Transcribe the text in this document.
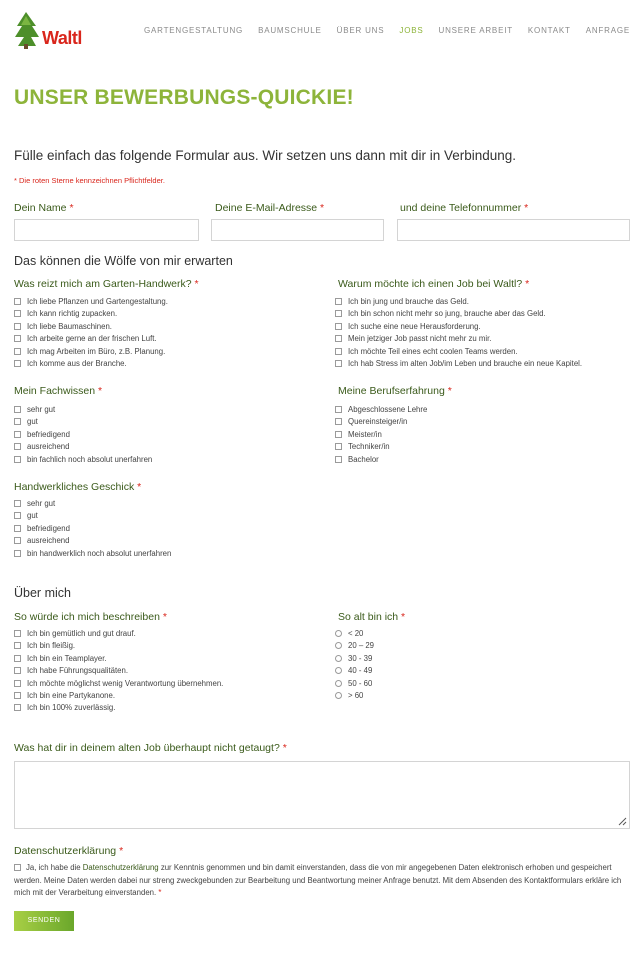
Waltl	GARTENGESTALTUNG BAUMSCHULE ÜBER UNS JOBS UNSERE ARBEIT KONTAKT ANFRAGE
UNSER BEWERBUNGS-QUICKIE!

Fülle einfach das folgende Formular aus. Wir setzen uns dann mit dir in Verbindung.

* Die roten Sterne kennzeichnen Pflichtfelder.

Dein Name *	Deine E-Mail-Adresse *	und deine Telefonnummer *
Das können die Wölfe von mir erwarten
Was reizt mich am Garten-Handwerk? *	Warum möchte ich einen Job bei Waltl? *
Mein Fachwissen *	Meine Berufserfahrung *
Handwerkliches Geschick *
Über mich
So würde ich mich beschreiben *	So alt bin ich *
Was hat dir in deinem alten Job überhaupt nicht getaugt? *
Datenschutzerklärung *
Ja, ich habe die Datenschutzerklärung zur Kenntnis genommen und bin damit einverstanden, dass die von mir angegebenen Daten elektronisch erhoben und gespeichert werden. Meine Daten werden dabei nur streng zweckgebunden zur Bearbeitung und Beantwortung meiner Anfrage benutzt. Mit dem Absenden des Kontaktformulars erkläre ich mich mit der Verarbeitung einverstanden. *
SENDEN
Ich liebe Pflanzen und Gartengestaltung.
Ich kann richtig zupacken.
Ich liebe Baumaschinen.
Ich arbeite gerne an der frischen Luft.
Ich mag Arbeiten im Büro, z.B. Planung.
Ich komme aus der Branche.
Ich bin jung und brauche das Geld.
Ich bin schon nicht mehr so jung, brauche aber das Geld.
Ich suche eine neue Herausforderung.
Mein jetziger Job passt nicht mehr zu mir.
Ich möchte Teil eines echt coolen Teams werden.
Ich hab Stress im alten Job/im Leben und brauche ein neue Kapitel.
sehr gut
gut
befriedigend
ausreichend
bin fachlich noch absolut unerfahren
Abgeschlossene Lehre
Quereinsteiger/in
Meister/in
Techniker/in
Bachelor
sehr gut
gut
befriedigend
ausreichend
bin handwerklich noch absolut unerfahren
Ich bin gemütlich und gut drauf.
Ich bin fleißig.
Ich bin ein Teamplayer.
Ich habe Führungsqualitäten.
Ich möchte möglichst wenig Verantwortung übernehmen.
Ich bin eine Partykanone.
Ich bin 100% zuverlässig.
< 20
20 – 29
30 - 39
40 - 49
50 - 60
> 60
